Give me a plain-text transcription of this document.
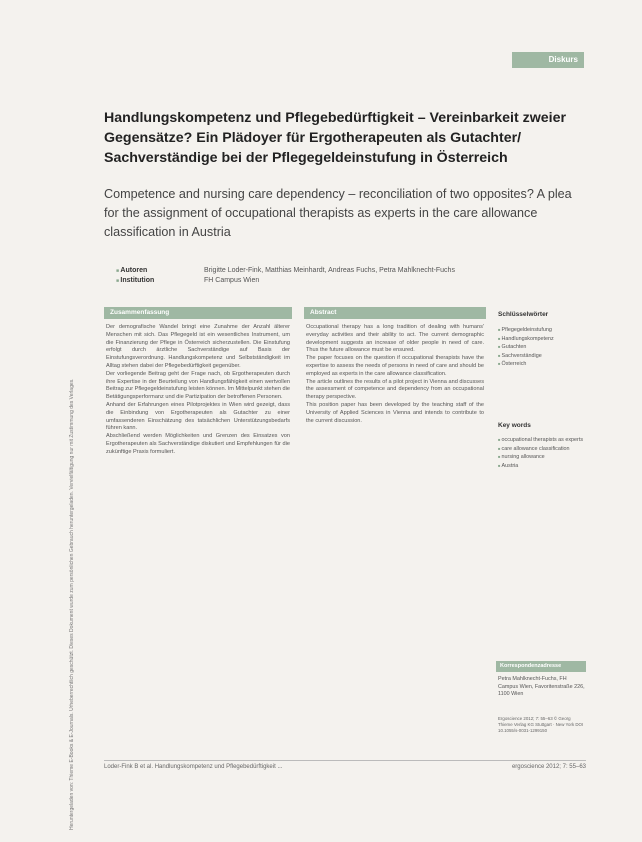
Heruntergeladen von: Thieme E-Books & E-Journals. Urheberrechtlich geschützt. Dieses Dokument wurde zum persönlichen Gebrauch heruntergeladen. Vervielfältigung nur mit Zustimmung des Verlages.
Diskurs
Handlungskompetenz und Pflegebedürftigkeit – Vereinbarkeit zweier Gegensätze? Ein Plädoyer für Ergotherapeuten als Gutachter/ Sachverständige bei der Pflegegeldeinstufung in Österreich
Competence and nursing care dependency – reconciliation of two opposites? A plea for the assignment of occupational therapists as experts in the care allowance classification in Austria
■ Autoren	Brigitte Loder-Fink, Matthias Meinhardt, Andreas Fuchs, Petra Mahlknecht-Fuchs
■ Institution	FH Campus Wien
Zusammenfassung

Der demografische Wandel bringt eine Zunahme der Anzahl älterer Menschen mit sich. Das Pflegegeld ist ein wesentliches Instrument, um die Finanzierung der Pflege in Österreich sicherzustellen. Die Einstufung erfolgt durch ärztliche Sachverständige auf Basis der Einstufungsverordnung. Handlungskompetenz und Selbstständigkeit im Alltag stehen dabei der Pflegebedürftigkeit gegenüber.

Der vorliegende Beitrag geht der Frage nach, ob Ergotherapeuten durch ihre Expertise in der Beurteilung von Handlungsfähigkeit einen wertvollen Beitrag zur Pflegegeldeinstufung leisten können. Im Mittelpunkt stehen die Betätigungsperformanz und die Partizipation der betroffenen Personen.

Anhand der Erfahrungen eines Pilotprojektes in Wien wird gezeigt, dass die Einbindung von Ergotherapeuten als Gutachter zu einer umfassenderen Einschätzung des tatsächlichen Unterstützungsbedarfs führen kann.

Abschließend werden Möglichkeiten und Grenzen des Einsatzes von Ergotherapeuten als Sachverständige diskutiert und Empfehlungen für die zukünftige Praxis formuliert.

Abstract

Occupational therapy has a long tradition of dealing with humans' everyday activities and their ability to act. The current demographic development suggests an increase of older people in need of care. Thus the future allowance must be ensured.

The paper focuses on the question if occupational therapists have the expertise to assess the needs of persons in need of care and should be employed as experts in the care allowance classification.

The article outlines the results of a pilot project in Vienna and discusses the assessment of competence and dependency from an occupational therapy perspective.

This position paper has been developed by the teaching staff of the University of Applied Sciences in Vienna and intends to contribute to the current discussion.

Schlüsselwörter
■ Pflegegeldeinstufung
■ Handlungskompetenz
■ Gutachten
■ Sachverständige
■ Österreich
Key words
■ occupational therapists as experts
■ care allowance classification
■ nursing allowance
■ Austria
Korrespondenzadresse
Petra Mahlknecht-Fuchs, FH Campus Wien, Favoritenstraße 226, 1100 Wien
Ergoscience 2012; 7: 55–63 © Georg Thieme Verlag KG Stuttgart · New York DOI 10.1055/s-0031-1299150
Loder-Fink B et al. Handlungskompetenz und Pflegebedürftigkeit ...	ergoscience 2012; 7: 55–63
